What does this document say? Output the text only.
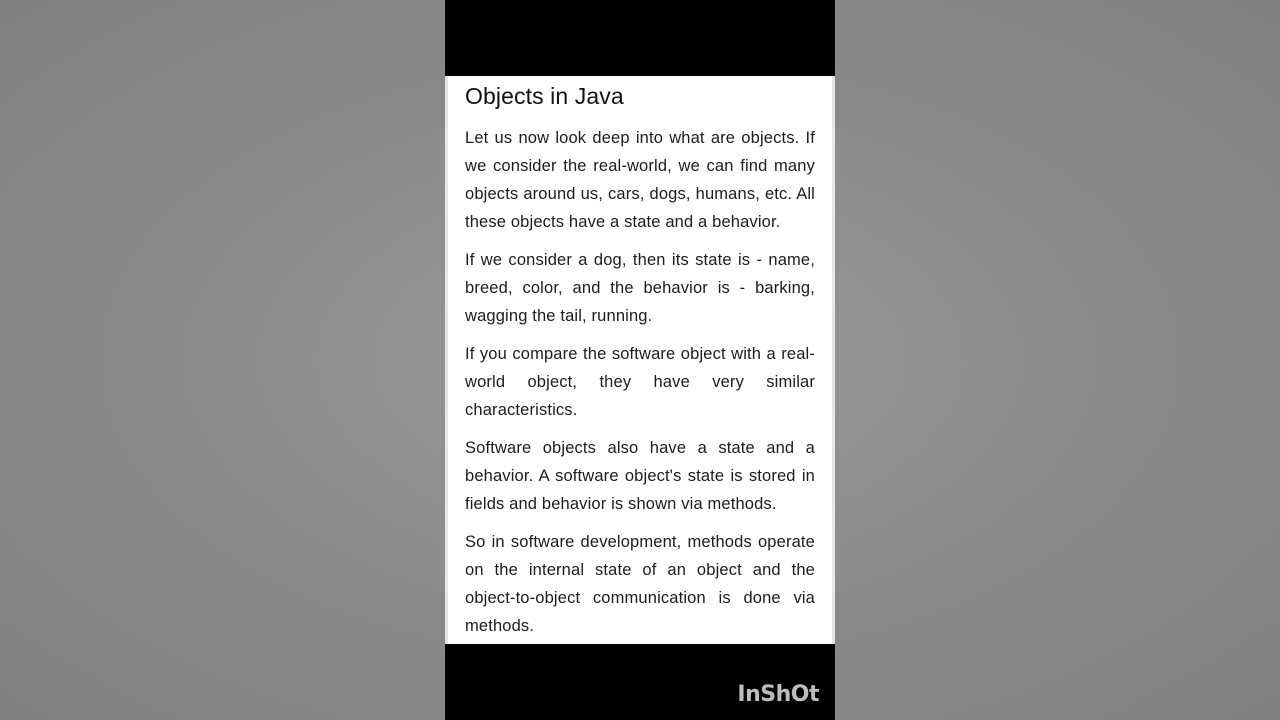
Objects in Java

Let us now look deep into what are objects. If we consider the real-world, we can find many objects around us, cars, dogs, humans, etc. All these objects have a state and a behavior.

If we consider a dog, then its state is - name, breed, color, and the behavior is - barking, wagging the tail, running.

If you compare the software object with a real-world object, they have very similar characteristics.

Software objects also have a state and a behavior. A software object's state is stored in fields and behavior is shown via methods.

So in software development, methods operate on the internal state of an object and the object-to-object communication is done via methods.

InShOt
